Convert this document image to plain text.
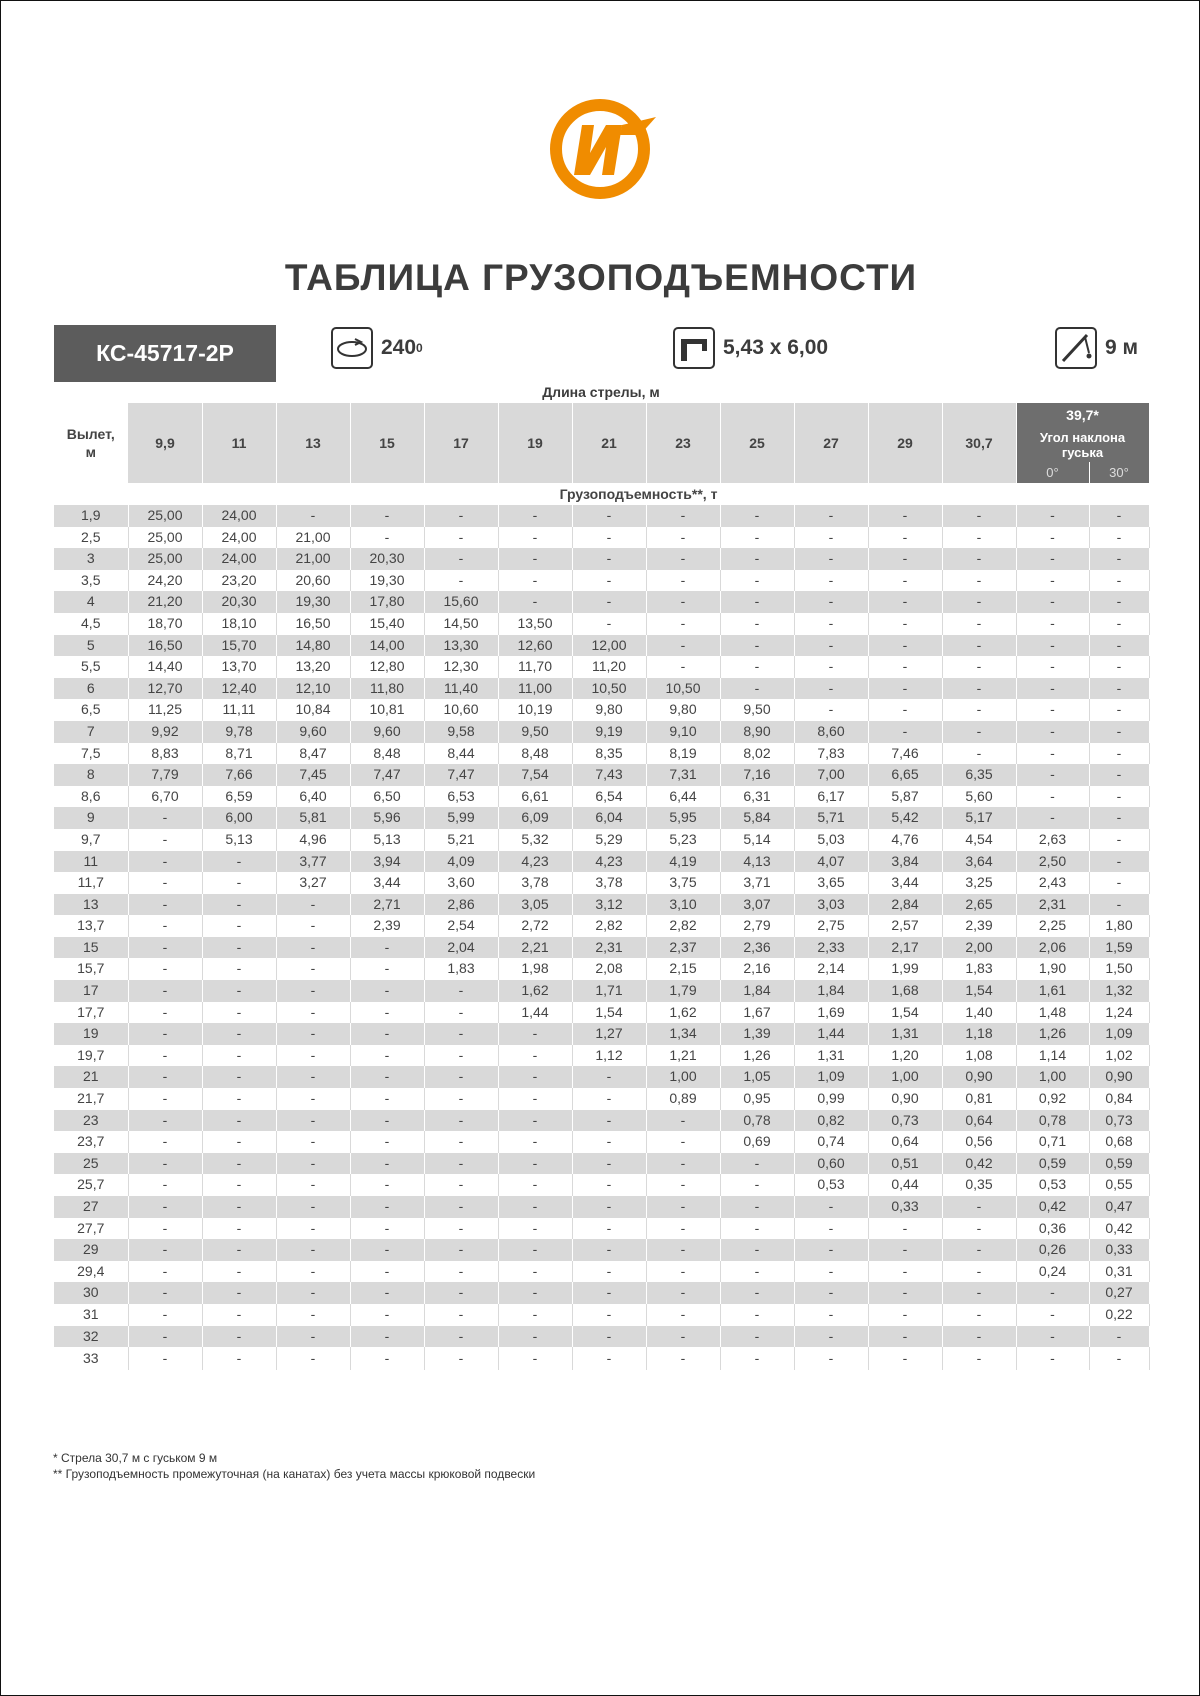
ТАБЛИЦА ГРУЗОПОДЪЕМНОСТИ
КС-45717-2Р	240 0	5,43 x 6,00	9 м
Длина стрелы, м
Вылет, м	9,9	11	13	15	17	19	21	23	25	27	29	30,7	39,7*	
													Угол наклона гуська	
													0°	30°
	Грузоподъемность**, т													
1,9	25,00	24,00	-	-	-	-	-	-	-	-	-	-	-	-
2,5	25,00	24,00	21,00	-	-	-	-	-	-	-	-	-	-	-
3	25,00	24,00	21,00	20,30	-	-	-	-	-	-	-	-	-	-
3,5	24,20	23,20	20,60	19,30	-	-	-	-	-	-	-	-	-	-
4	21,20	20,30	19,30	17,80	15,60	-	-	-	-	-	-	-	-	-
4,5	18,70	18,10	16,50	15,40	14,50	13,50	-	-	-	-	-	-	-	-
5	16,50	15,70	14,80	14,00	13,30	12,60	12,00	-	-	-	-	-	-	-
5,5	14,40	13,70	13,20	12,80	12,30	11,70	11,20	-	-	-	-	-	-	-
6	12,70	12,40	12,10	11,80	11,40	11,00	10,50	10,50	-	-	-	-	-	-
6,5	11,25	11,11	10,84	10,81	10,60	10,19	9,80	9,80	9,50	-	-	-	-	-
7	9,92	9,78	9,60	9,60	9,58	9,50	9,19	9,10	8,90	8,60	-	-	-	-
7,5	8,83	8,71	8,47	8,48	8,44	8,48	8,35	8,19	8,02	7,83	7,46	-	-	-
8	7,79	7,66	7,45	7,47	7,47	7,54	7,43	7,31	7,16	7,00	6,65	6,35	-	-
8,6	6,70	6,59	6,40	6,50	6,53	6,61	6,54	6,44	6,31	6,17	5,87	5,60	-	-
9	-	6,00	5,81	5,96	5,99	6,09	6,04	5,95	5,84	5,71	5,42	5,17	-	-
9,7	-	5,13	4,96	5,13	5,21	5,32	5,29	5,23	5,14	5,03	4,76	4,54	2,63	-
11	-	-	3,77	3,94	4,09	4,23	4,23	4,19	4,13	4,07	3,84	3,64	2,50	-
11,7	-	-	3,27	3,44	3,60	3,78	3,78	3,75	3,71	3,65	3,44	3,25	2,43	-
13	-	-	-	2,71	2,86	3,05	3,12	3,10	3,07	3,03	2,84	2,65	2,31	-
13,7	-	-	-	2,39	2,54	2,72	2,82	2,82	2,79	2,75	2,57	2,39	2,25	1,80
15	-	-	-	-	2,04	2,21	2,31	2,37	2,36	2,33	2,17	2,00	2,06	1,59
15,7	-	-	-	-	1,83	1,98	2,08	2,15	2,16	2,14	1,99	1,83	1,90	1,50
17	-	-	-	-	-	1,62	1,71	1,79	1,84	1,84	1,68	1,54	1,61	1,32
17,7	-	-	-	-	-	1,44	1,54	1,62	1,67	1,69	1,54	1,40	1,48	1,24
19	-	-	-	-	-	-	1,27	1,34	1,39	1,44	1,31	1,18	1,26	1,09
19,7	-	-	-	-	-	-	1,12	1,21	1,26	1,31	1,20	1,08	1,14	1,02
21	-	-	-	-	-	-	-	1,00	1,05	1,09	1,00	0,90	1,00	0,90
21,7	-	-	-	-	-	-	-	0,89	0,95	0,99	0,90	0,81	0,92	0,84
23	-	-	-	-	-	-	-	-	0,78	0,82	0,73	0,64	0,78	0,73
23,7	-	-	-	-	-	-	-	-	0,69	0,74	0,64	0,56	0,71	0,68
25	-	-	-	-	-	-	-	-	-	0,60	0,51	0,42	0,59	0,59
25,7	-	-	-	-	-	-	-	-	-	0,53	0,44	0,35	0,53	0,55
27	-	-	-	-	-	-	-	-	-	-	0,33	-	0,42	0,47
27,7	-	-	-	-	-	-	-	-	-	-	-	-	0,36	0,42
29	-	-	-	-	-	-	-	-	-	-	-	-	0,26	0,33
29,4	-	-	-	-	-	-	-	-	-	-	-	-	0,24	0,31
30	-	-	-	-	-	-	-	-	-	-	-	-	-	0,27
31	-	-	-	-	-	-	-	-	-	-	-	-	-	0,22
32	-	-	-	-	-	-	-	-	-	-	-	-	-	-
33	-	-	-	-	-	-	-	-	-	-	-	-	-	-
* Стрела 30,7 м с гуськом 9 м
** Грузоподъемность промежуточная (на канатах) без учета массы крюковой подвески
